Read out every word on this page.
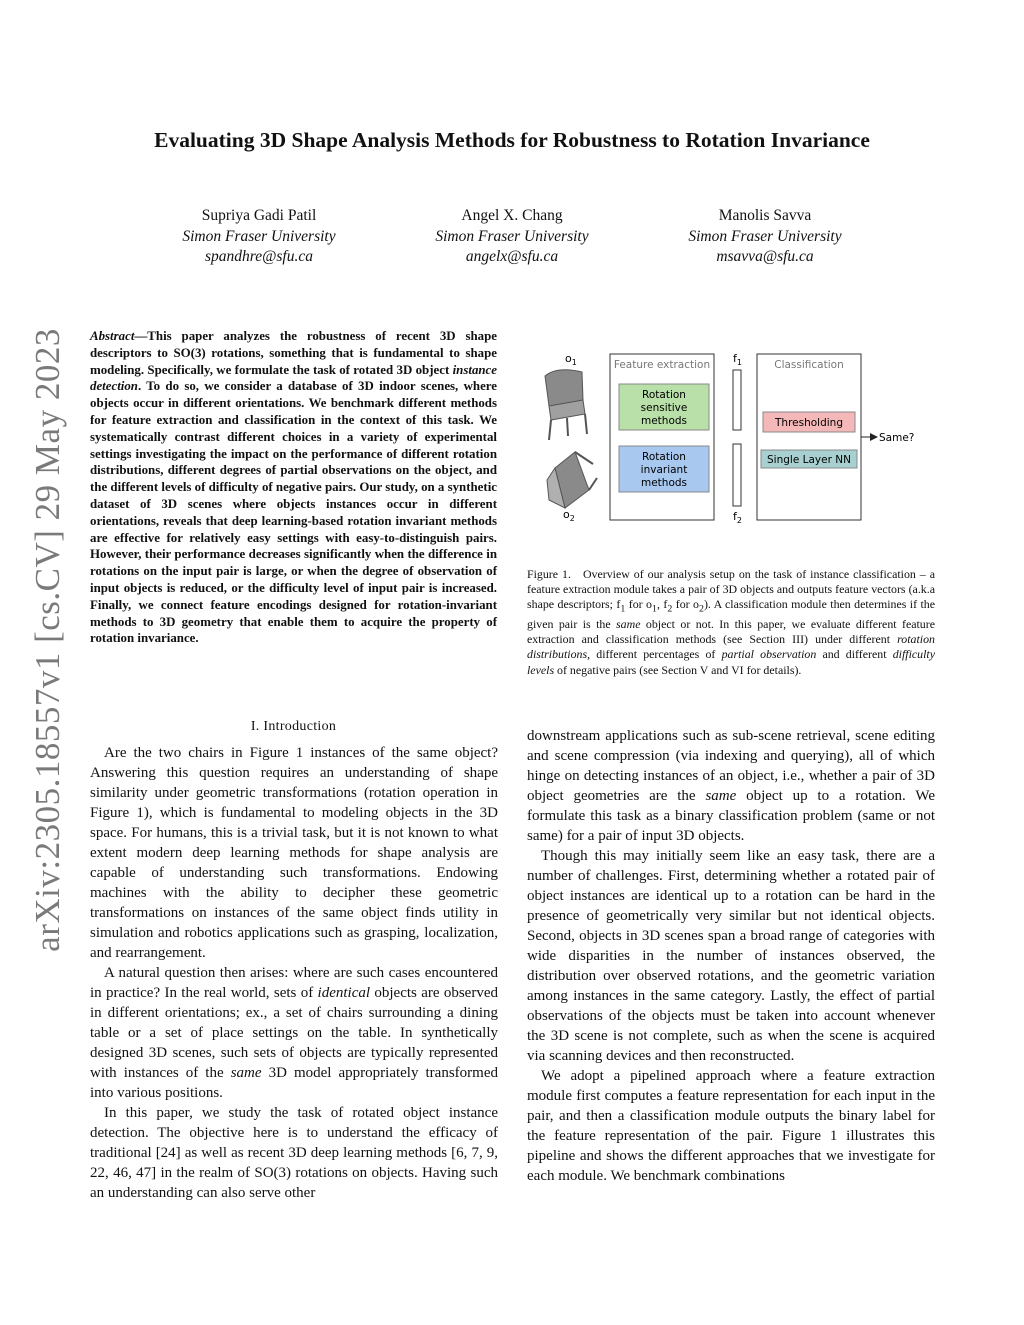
arXiv:2305.18557v1 [cs.CV] 29 May 2023
Evaluating 3D Shape Analysis Methods for Robustness to Rotation Invariance
Supriya Gadi Patil
Simon Fraser University
spandhre@sfu.ca
Angel X. Chang
Simon Fraser University
angelx@sfu.ca
Manolis Savva
Simon Fraser University
msavva@sfu.ca
Abstract—This paper analyzes the robustness of recent 3D shape descriptors to SO(3) rotations, something that is fundamental to shape modeling. Specifically, we formulate the task of rotated 3D object instance detection. To do so, we consider a database of 3D indoor scenes, where objects occur in different orientations. We benchmark different methods for feature extraction and classification in the context of this task. We systematically contrast different choices in a variety of experimental settings investigating the impact on the performance of different rotation distributions, different degrees of partial observations on the object, and the different levels of difficulty of negative pairs. Our study, on a synthetic dataset of 3D scenes where objects instances occur in different orientations, reveals that deep learning-based rotation invariant methods are effective for relatively easy settings with easy-to-distinguish pairs. However, their performance decreases significantly when the difference in rotations on the input pair is large, or when the degree of observation of input objects is reduced, or the difficulty level of input pair is increased. Finally, we connect feature encodings designed for rotation-invariant methods to 3D geometry that enable them to acquire the property of rotation invariance.
I. Introduction

Are the two chairs in Figure 1 instances of the same object? Answering this question requires an understanding of shape similarity under geometric transformations (rotation operation in Figure 1), which is fundamental to modeling objects in the 3D space. For humans, this is a trivial task, but it is not known to what extent modern deep learning methods for shape analysis are capable of understanding such transformations. Endowing machines with the ability to decipher these geometric transformations on instances of the same object finds utility in simulation and robotics applications such as grasping, localization, and rearrangement.

A natural question then arises: where are such cases encountered in practice? In the real world, sets of identical objects are observed in different orientations; ex., a set of chairs surrounding a dining table or a set of place settings on the table. In synthetically designed 3D scenes, such sets of objects are typically represented with instances of the same 3D model appropriately transformed into various positions.

In this paper, we study the task of rotated object instance detection. The objective here is to understand the efficacy of traditional [24] as well as recent 3D deep learning methods [6, 7, 9, 22, 46, 47] in the realm of SO(3) rotations on objects. Having such an understanding can also serve other

$o_1$
$o_2$
Feature extraction
Rotation sensitive methods
Rotation invariant methods
$f_1$
$f_2$
Classification
Thresholding
Single Layer NN
Same?
Figure 1. Overview of our analysis setup on the task of instance classification – a feature extraction module takes a pair of 3D objects and outputs feature vectors (a.k.a shape descriptors; $f_1$ for $o_1$, $f_2$ for $o_2$). A classification module then determines if the given pair is the same object or not. In this paper, we evaluate different feature extraction and classification methods (see Section III) under different rotation distributions, different percentages of partial observation and different difficulty levels of negative pairs (see Section V and VI for details).

downstream applications such as sub-scene retrieval, scene editing and scene compression (via indexing and querying), all of which hinge on detecting instances of an object, i.e., whether a pair of 3D object geometries are the same object up to a rotation. We formulate this task as a binary classification problem (same or not same) for a pair of input 3D objects.

Though this may initially seem like an easy task, there are a number of challenges. First, determining whether a rotated pair of object instances are identical up to a rotation can be hard in the presence of geometrically very similar but not identical objects. Second, objects in 3D scenes span a broad range of categories with wide disparities in the number of instances observed, the distribution over observed rotations, and the geometric variation among instances in the same category. Lastly, the effect of partial observations of the objects must be taken into account whenever the 3D scene is not complete, such as when the scene is acquired via scanning devices and then reconstructed.

We adopt a pipelined approach where a feature extraction module first computes a feature representation for each input in the pair, and then a classification module outputs the binary label for the feature representation of the pair. Figure 1 illustrates this pipeline and shows the different approaches that we investigate for each module. We benchmark combinations
